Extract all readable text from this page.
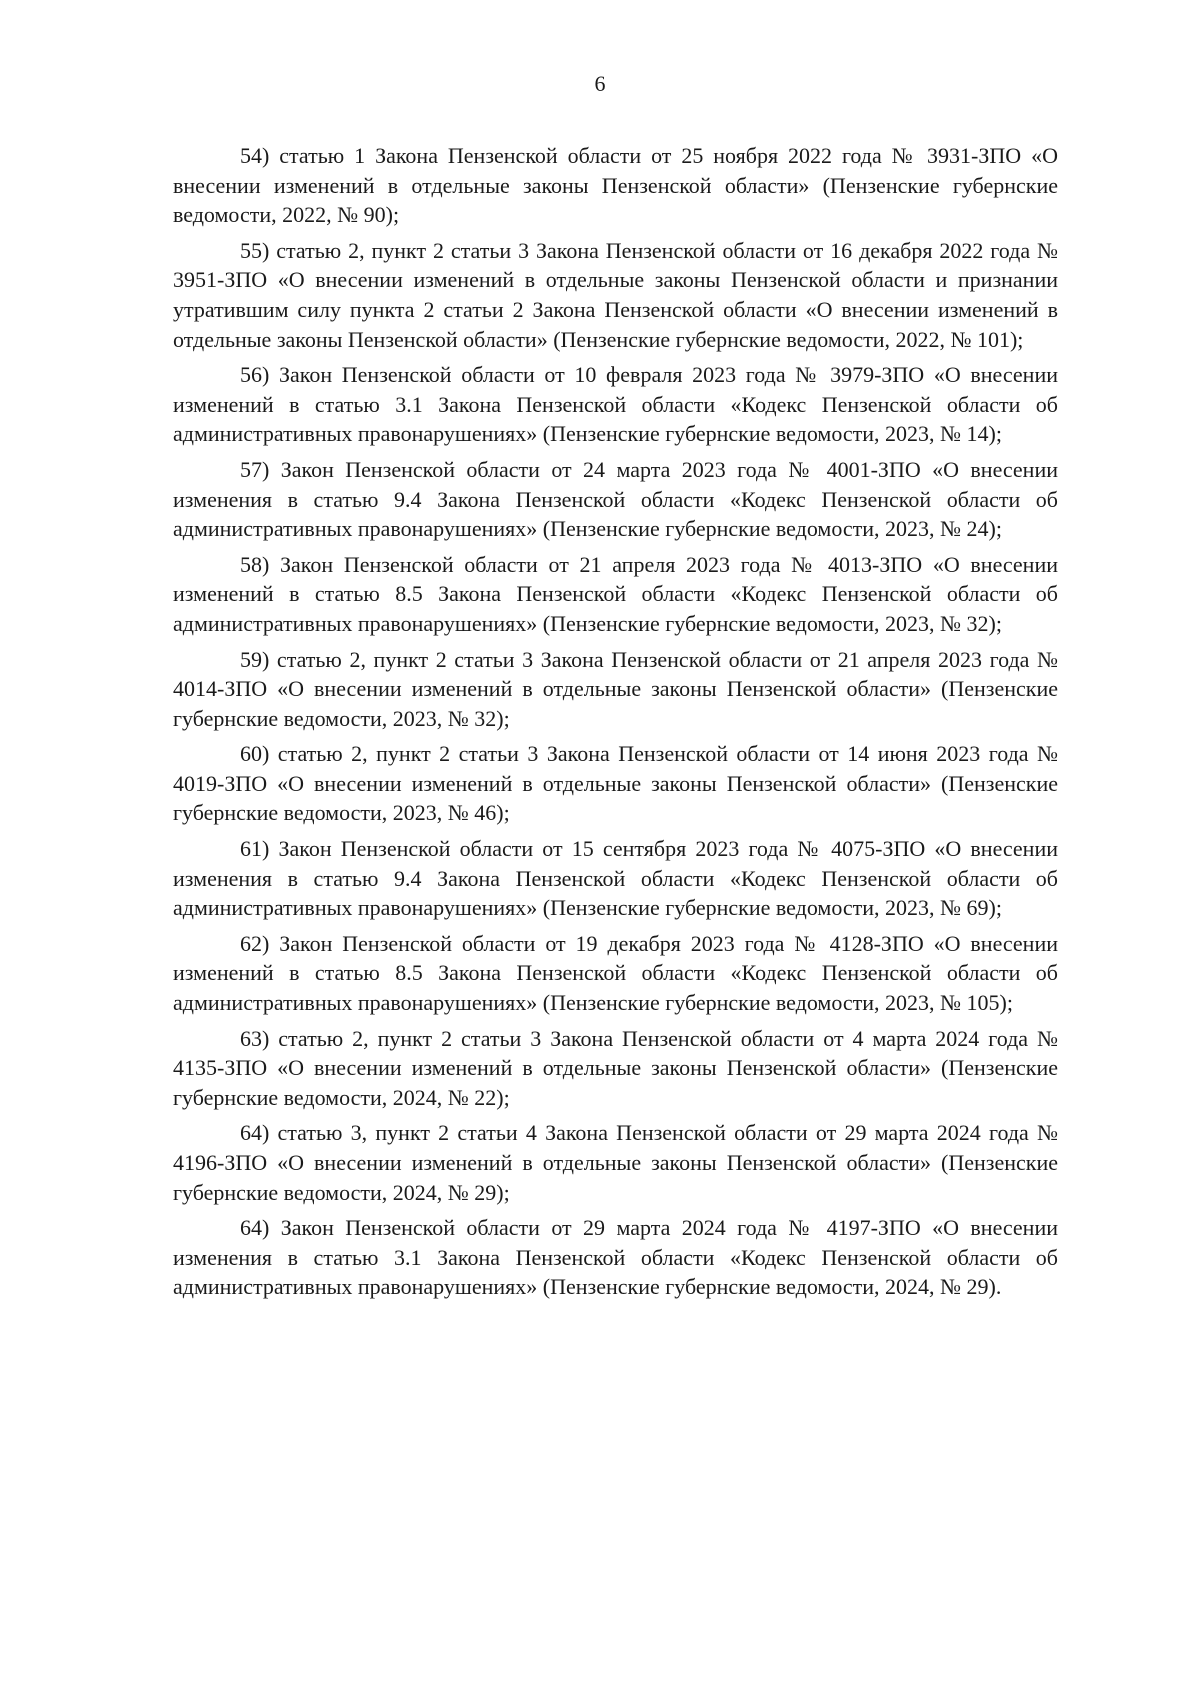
6

54) статью 1 Закона Пензенской области от 25 ноября 2022 года № 3931-ЗПО «О внесении изменений в отдельные законы Пензенской области» (Пензенские губернские ведомости, 2022, № 90);

55) статью 2, пункт 2 статьи 3 Закона Пензенской области от 16 декабря 2022 года № 3951-ЗПО «О внесении изменений в отдельные законы Пензенской области и признании утратившим силу пункта 2 статьи 2 Закона Пензенской области «О внесении изменений в отдельные законы Пензенской области» (Пензенские губернские ведомости, 2022, № 101);

56) Закон Пензенской области от 10 февраля 2023 года № 3979-ЗПО «О внесении изменений в статью 3.1 Закона Пензенской области «Кодекс Пензенской области об административных правонарушениях» (Пензенские губернские ведомости, 2023, № 14);

57) Закон Пензенской области от 24 марта 2023 года № 4001-ЗПО «О внесении изменения в статью 9.4 Закона Пензенской области «Кодекс Пензенской области об административных правонарушениях» (Пензенские губернские ведомости, 2023, № 24);

58) Закон Пензенской области от 21 апреля 2023 года № 4013-ЗПО «О внесении изменений в статью 8.5 Закона Пензенской области «Кодекс Пензенской области об административных правонарушениях» (Пензенские губернские ведомости, 2023, № 32);

59) статью 2, пункт 2 статьи 3 Закона Пензенской области от 21 апреля 2023 года № 4014-ЗПО «О внесении изменений в отдельные законы Пензенской области» (Пензенские губернские ведомости, 2023, № 32);

60) статью 2, пункт 2 статьи 3 Закона Пензенской области от 14 июня 2023 года № 4019-ЗПО «О внесении изменений в отдельные законы Пензенской области» (Пензенские губернские ведомости, 2023, № 46);

61) Закон Пензенской области от 15 сентября 2023 года № 4075-ЗПО «О внесении изменения в статью 9.4 Закона Пензенской области «Кодекс Пензенской области об административных правонарушениях» (Пензенские губернские ведомости, 2023, № 69);

62) Закон Пензенской области от 19 декабря 2023 года № 4128-ЗПО «О внесении изменений в статью 8.5 Закона Пензенской области «Кодекс Пензенской области об административных правонарушениях» (Пензенские губернские ведомости, 2023, № 105);

63) статью 2, пункт 2 статьи 3 Закона Пензенской области от 4 марта 2024 года № 4135-ЗПО «О внесении изменений в отдельные законы Пензенской области» (Пензенские губернские ведомости, 2024, № 22);

64) статью 3, пункт 2 статьи 4 Закона Пензенской области от 29 марта 2024 года № 4196-ЗПО «О внесении изменений в отдельные законы Пензенской области» (Пензенские губернские ведомости, 2024, № 29);

64) Закон Пензенской области от 29 марта 2024 года № 4197-ЗПО «О внесении изменения в статью 3.1 Закона Пензенской области «Кодекс Пензенской области об административных правонарушениях» (Пензенские губернские ведомости, 2024, № 29).
